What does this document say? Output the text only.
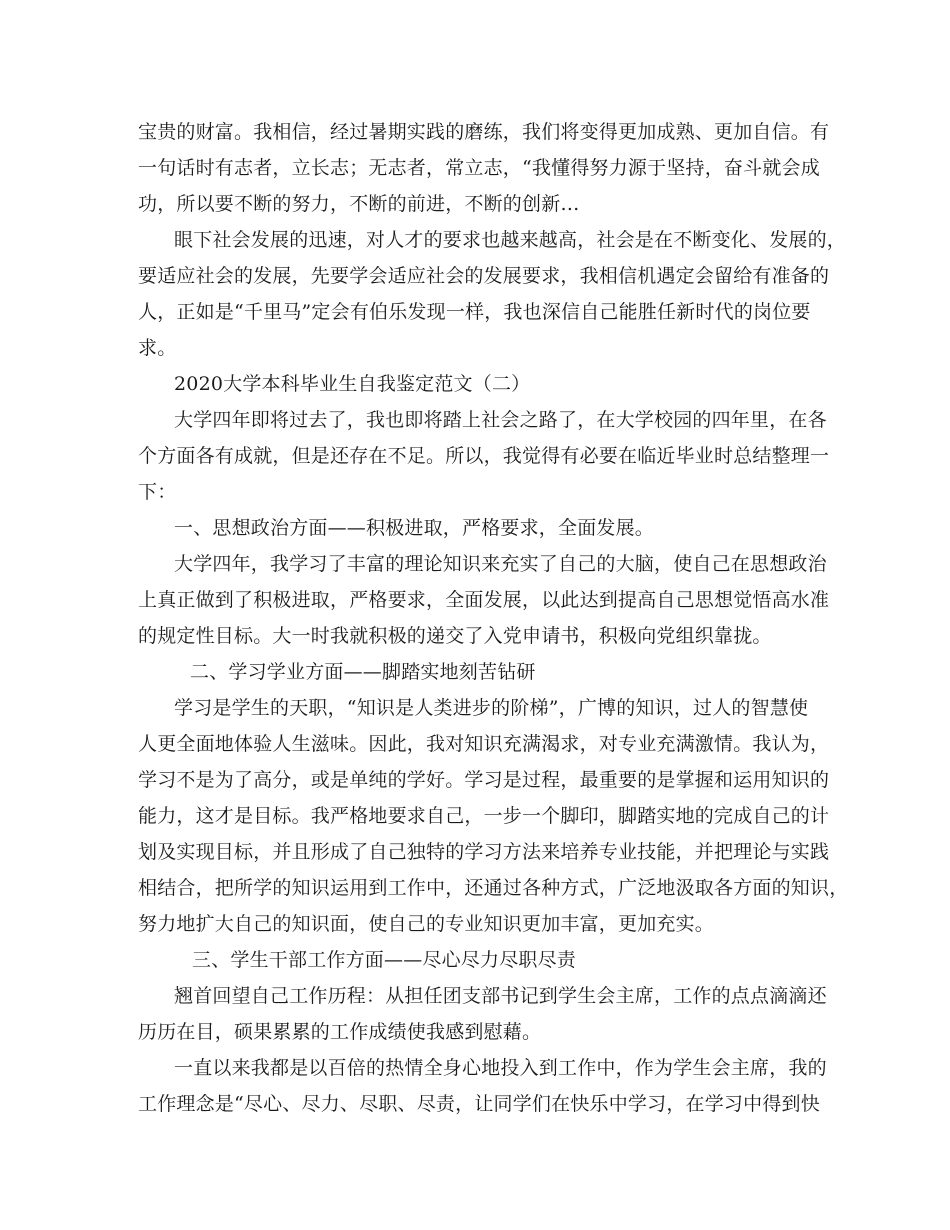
宝贵的财富。我相信，经过暑期实践的磨练，我们将变得更加成熟、更加自信。有
一句话时有志者，立长志；无志者，常立志，“我懂得努力源于坚持，奋斗就会成
功，所以要不断的努力，不断的前进，不断的创新…
眼下社会发展的迅速，对人才的要求也越来越高，社会是在不断变化、发展的，
要适应社会的发展，先要学会适应社会的发展要求，我相信机遇定会留给有准备的
人，正如是“千里马”定会有伯乐发现一样，我也深信自己能胜任新时代的岗位要
求。
2020大学本科毕业生自我鉴定范文（二）
大学四年即将过去了，我也即将踏上社会之路了，在大学校园的四年里，在各
个方面各有成就，但是还存在不足。所以，我觉得有必要在临近毕业时总结整理一
下：
一、思想政治方面——积极进取，严格要求，全面发展。
大学四年，我学习了丰富的理论知识来充实了自己的大脑，使自己在思想政治
上真正做到了积极进取，严格要求，全面发展，以此达到提高自己思想觉悟高水准
的规定性目标。大一时我就积极的递交了入党申请书，积极向党组织靠拢。
二、学习学业方面——脚踏实地刻苦钻研
学习是学生的天职，“知识是人类进步的阶梯”，广博的知识，过人的智慧使
人更全面地体验人生滋味。因此，我对知识充满渴求，对专业充满激情。我认为，
学习不是为了高分，或是单纯的学好。学习是过程，最重要的是掌握和运用知识的
能力，这才是目标。我严格地要求自己，一步一个脚印，脚踏实地的完成自己的计
划及实现目标，并且形成了自己独特的学习方法来培养专业技能，并把理论与实践
相结合，把所学的知识运用到工作中，还通过各种方式，广泛地汲取各方面的知识，
努力地扩大自己的知识面，使自己的专业知识更加丰富，更加充实。
三、学生干部工作方面——尽心尽力尽职尽责
翘首回望自己工作历程：从担任团支部书记到学生会主席，工作的点点滴滴还
历历在目，硕果累累的工作成绩使我感到慰藉。
一直以来我都是以百倍的热情全身心地投入到工作中，作为学生会主席，我的
工作理念是“尽心、尽力、尽职、尽责，让同学们在快乐中学习，在学习中得到快
